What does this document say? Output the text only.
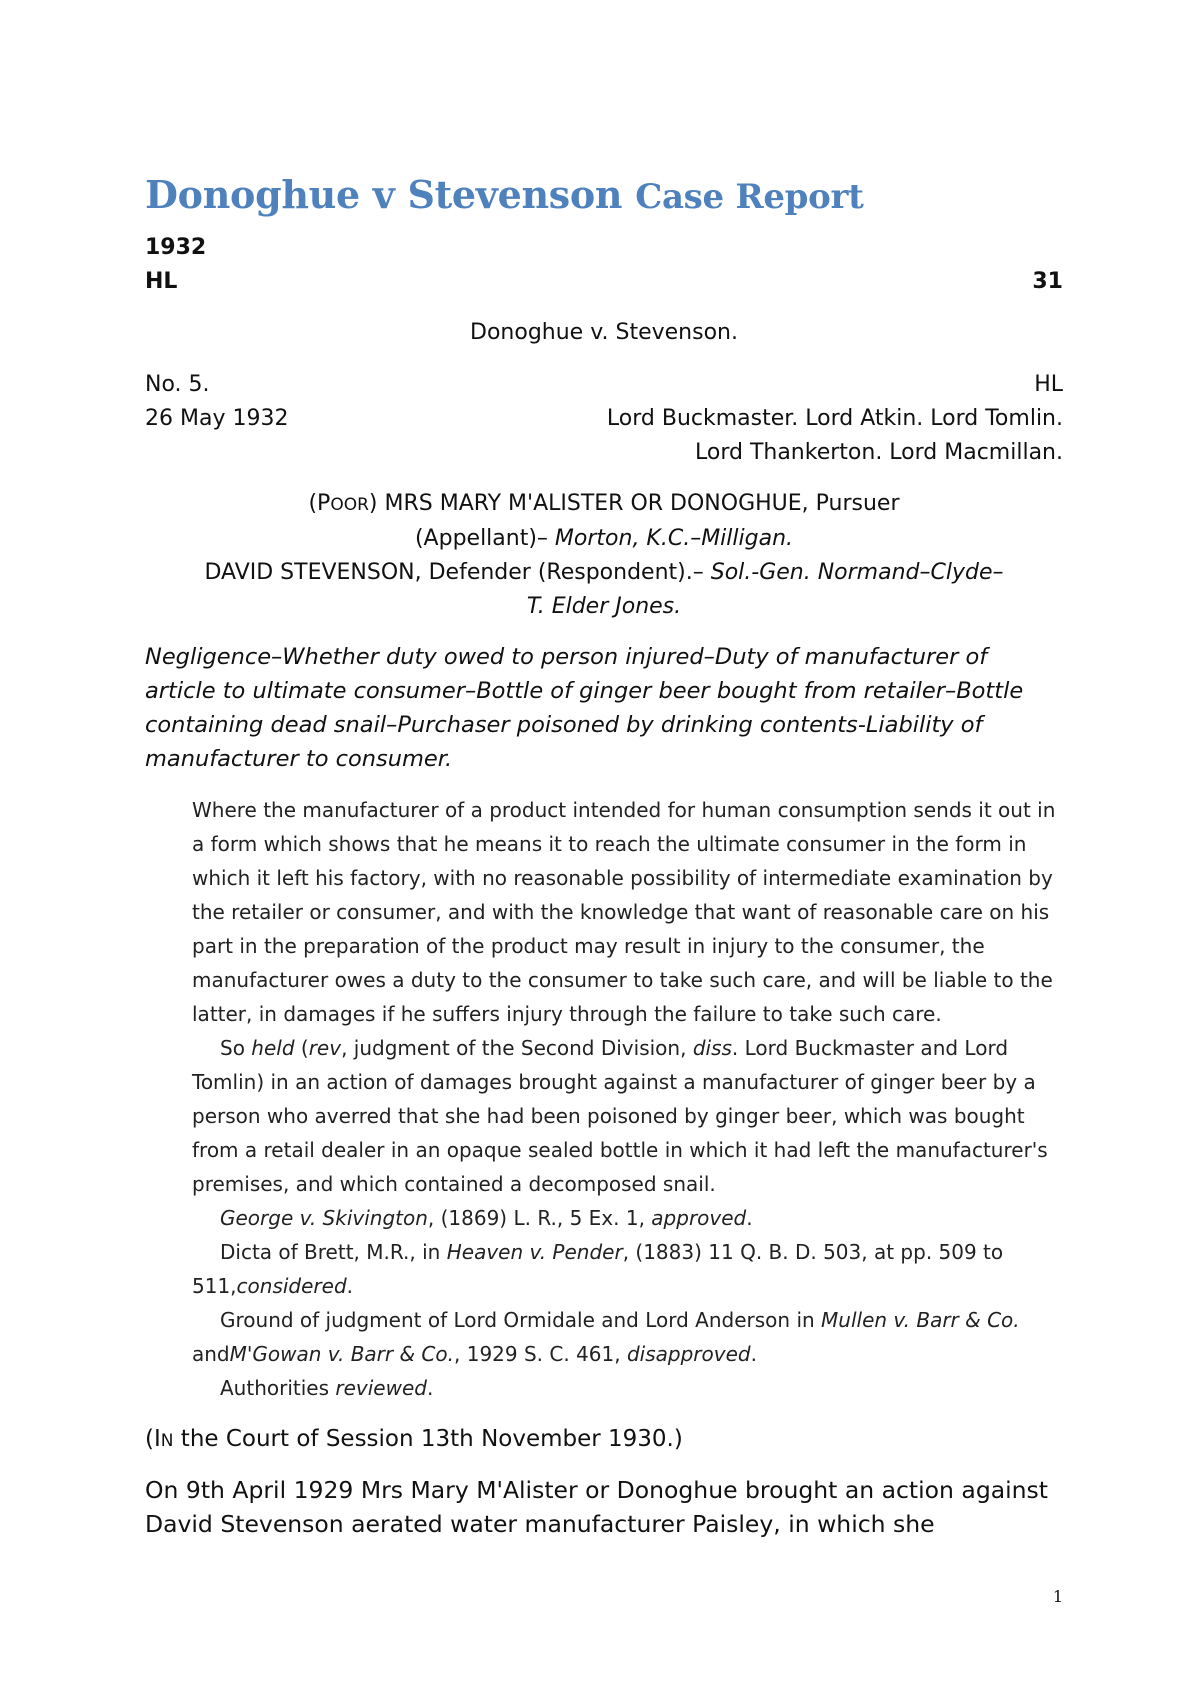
Donoghue v Stevenson Case Report
1932
HL	31
Donoghue v. Stevenson.
No. 5.	HL
26 May 1932	Lord Buckmaster. Lord Atkin. Lord Tomlin.
Lord Thankerton. Lord Macmillan.
(POOR) MRS MARY M'ALISTER OR DONOGHUE, Pursuer
(Appellant)– Morton, K.C.–Milligan.
DAVID STEVENSON, Defender (Respondent).– Sol.-Gen. Normand–Clyde–
T. Elder Jones.
Negligence–Whether duty owed to person injured–Duty of manufacturer of article to ultimate consumer–Bottle of ginger beer bought from retailer–Bottle containing dead snail–Purchaser poisoned by drinking contents-Liability of manufacturer to consumer.

Where the manufacturer of a product intended for human consumption sends it out in a form which shows that he means it to reach the ultimate consumer in the form in which it left his factory, with no reasonable possibility of intermediate examination by the retailer or consumer, and with the knowledge that want of reasonable care on his part in the preparation of the product may result in injury to the consumer, the manufacturer owes a duty to the consumer to take such care, and will be liable to the latter, in damages if he suffers injury through the failure to take such care.

So held (rev, judgment of the Second Division, diss. Lord Buckmaster and Lord Tomlin) in an action of damages brought against a manufacturer of ginger beer by a person who averred that she had been poisoned by ginger beer, which was bought from a retail dealer in an opaque sealed bottle in which it had left the manufacturer's premises, and which contained a decomposed snail.

George v. Skivington, (1869) L. R., 5 Ex. 1, approved.

Dicta of Brett, M.R., in Heaven v. Pender, (1883) 11 Q. B. D. 503, at pp. 509 to 511,considered.

Ground of judgment of Lord Ormidale and Lord Anderson in Mullen v. Barr & Co. andM'Gowan v. Barr & Co., 1929 S. C. 461, disapproved.

Authorities reviewed.

(IN the Court of Session 13th November 1930.)
On 9th April 1929 Mrs Mary M'Alister or Donoghue brought an action against David Stevenson aerated water manufacturer Paisley, in which she
1
